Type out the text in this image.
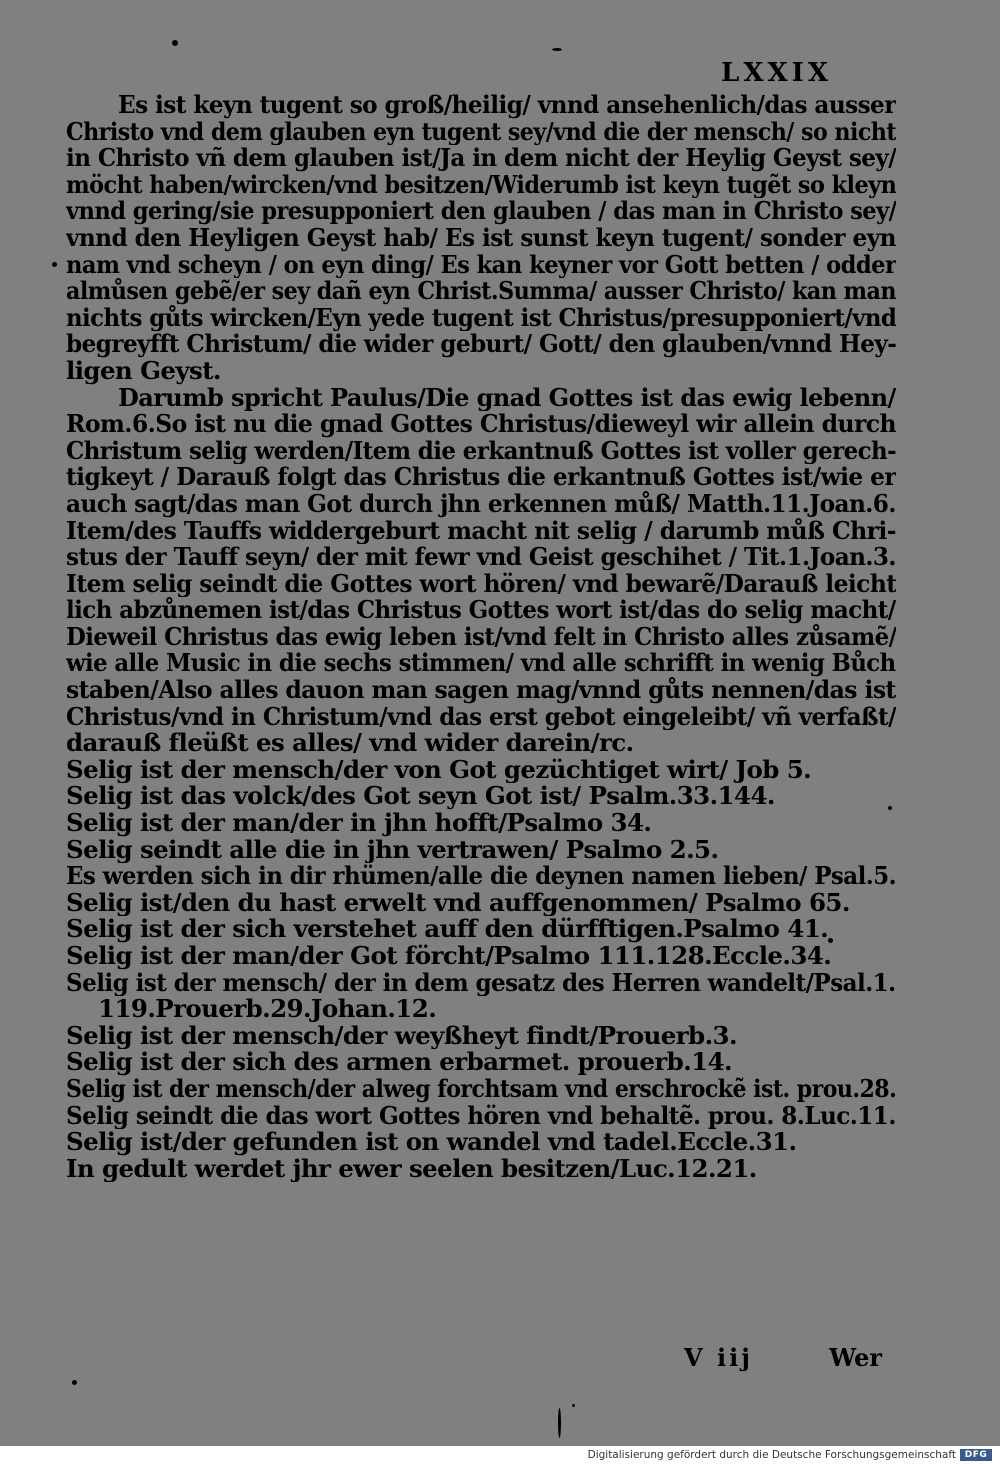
LXXIX
Es ist keyn tugent so groß/heilig/ vnnd ansehenlich/das ausser
Christo vnd dem glauben eyn tugent sey/vnd die der mensch/ so nicht
in Christo vñ dem glauben ist/Ja in dem nicht der Heylig Geyst sey/
möcht haben/wircken/vnd besitzen/Widerumb ist keyn tugẽt so kleyn
vnnd gering/sie presupponiert den glauben / das man in Christo sey/
vnnd den Heyligen Geyst hab/ Es ist sunst keyn tugent/ sonder eyn
nam vnd scheyn / on eyn ding/ Es kan keyner vor Gott betten / odder
almůsen gebẽ/er sey dañ eyn Christ.Summa/ ausser Christo/ kan man
nichts gůts wircken/Eyn yede tugent ist Christus/presupponiert/vnd
begreyfft Christum/ die wider geburt/ Gott/ den glauben/vnnd Hey-
ligen Geyst.
Darumb spricht Paulus/Die gnad Gottes ist das ewig lebenn/
Rom.6.So ist nu die gnad Gottes Christus/dieweyl wir allein durch
Christum selig werden/Item die erkantnuß Gottes ist voller gerech-
tigkeyt / Darauß folgt das Christus die erkantnuß Gottes ist/wie er
auch sagt/das man Got durch jhn erkennen můß/ Matth.11.Joan.6.
Item/des Tauffs widdergeburt macht nit selig / darumb můß Chri-
stus der Tauff seyn/ der mit fewr vnd Geist geschihet / Tit.1.Joan.3.
Item selig seindt die Gottes wort hören/ vnd bewarẽ/Darauß leicht
lich abzůnemen ist/das Christus Gottes wort ist/das do selig macht/
Dieweil Christus das ewig leben ist/vnd felt in Christo alles zůsamẽ/
wie alle Music in die sechs stimmen/ vnd alle schrifft in wenig Bůch
staben/Also alles dauon man sagen mag/vnnd gůts nennen/das ist
Christus/vnd in Christum/vnd das erst gebot eingeleibt/ vñ verfaßt/
darauß fleüßt es alles/ vnd wider darein/rc.
Selig ist der mensch/der von Got gezüchtiget wirt/ Job 5.
Selig ist das volck/des Got seyn Got ist/ Psalm.33.144.
Selig ist der man/der in jhn hofft/Psalmo 34.
Selig seindt alle die in jhn vertrawen/ Psalmo 2.5.
Es werden sich in dir rhümen/alle die deynen namen lieben/ Psal.5.
Selig ist/den du hast erwelt vnd auffgenommen/ Psalmo 65.
Selig ist der sich verstehet auff den dürfftigen.Psalmo 41.
Selig ist der man/der Got förcht/Psalmo 111.128.Eccle.34.
Selig ist der mensch/ der in dem gesatz des Herren wandelt/Psal.1.
119.Prouerb.29.Johan.12.
Selig ist der mensch/der weyßheyt findt/Prouerb.3.
Selig ist der sich des armen erbarmet. prouerb.14.
Selig ist der mensch/der alweg forchtsam vnd erschrockẽ ist. prou.28.
Selig seindt die das wort Gottes hören vnd behaltẽ. prou. 8.Luc.11.
Selig ist/der gefunden ist on wandel vnd tadel.Eccle.31.
In gedult werdet jhr ewer seelen besitzen/Luc.12.21.
V iij	Wer
Digitalisierung gefördert durch die Deutsche Forschungsgemeinschaft DFG
